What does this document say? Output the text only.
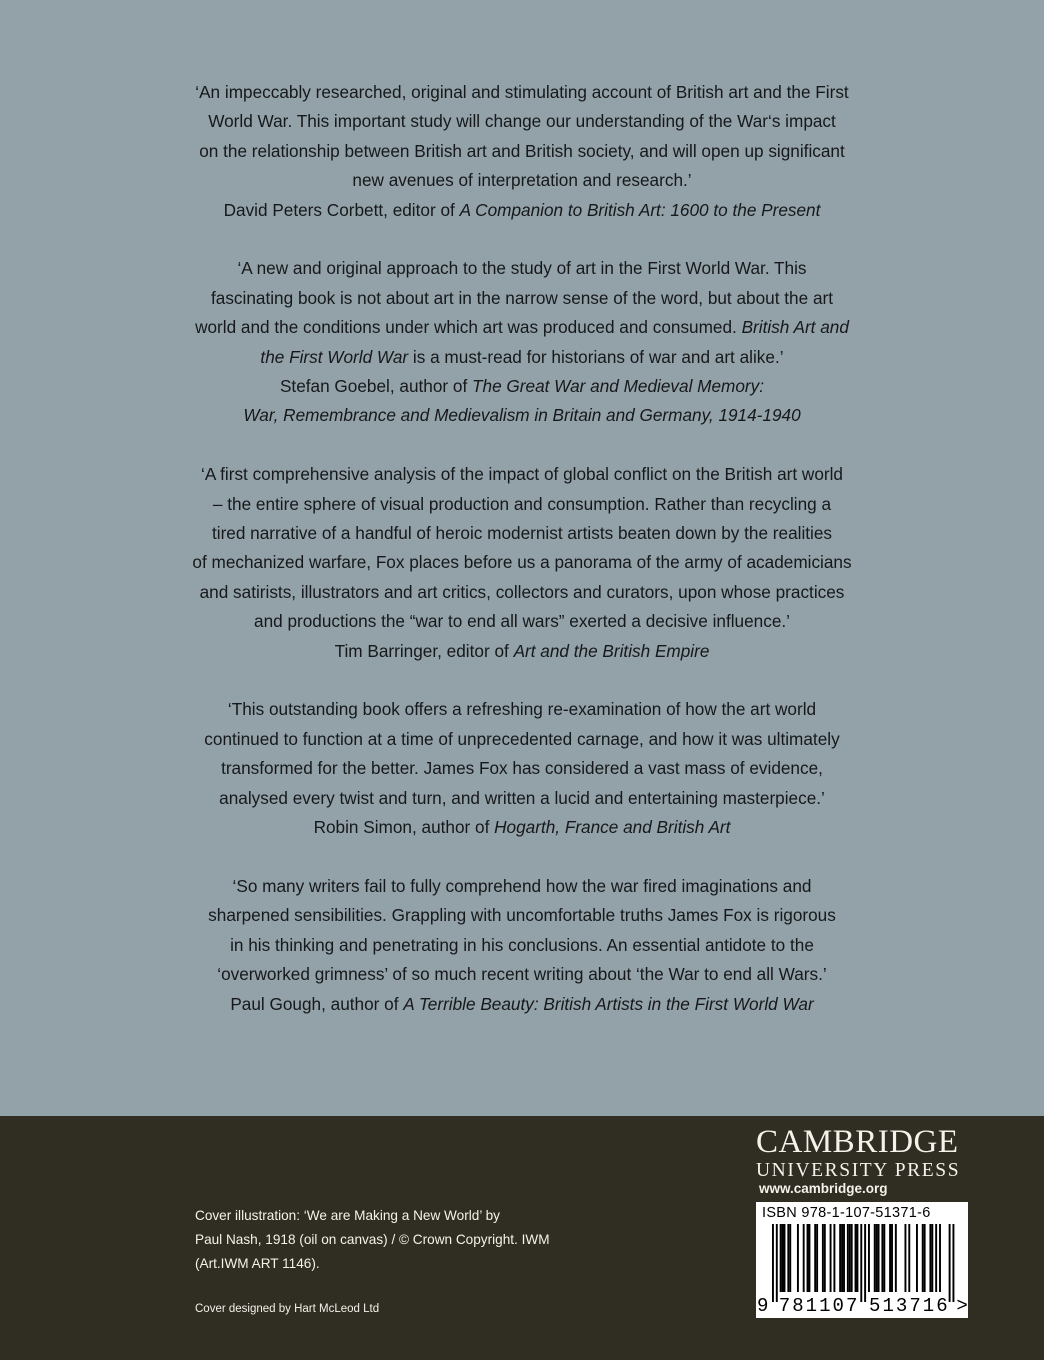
‘An impeccably researched, original and stimulating account of British art and the First
World War. This important study will change our understanding of the War‘s impact
on the relationship between British art and British society, and will open up significant
new avenues of interpretation and research.’
David Peters Corbett, editor of A Companion to British Art: 1600 to the Present
‘A new and original approach to the study of art in the First World War. This
fascinating book is not about art in the narrow sense of the word, but about the art
world and the conditions under which art was produced and consumed. British Art and
the First World War is a must-read for historians of war and art alike.’
Stefan Goebel, author of The Great War and Medieval Memory:
War, Remembrance and Medievalism in Britain and Germany, 1914-1940
‘A first comprehensive analysis of the impact of global conflict on the British art world
– the entire sphere of visual production and consumption. Rather than recycling a
tired narrative of a handful of heroic modernist artists beaten down by the realities
of mechanized warfare, Fox places before us a panorama of the army of academicians
and satirists, illustrators and art critics, collectors and curators, upon whose practices
and productions the “war to end all wars” exerted a decisive influence.’
Tim Barringer, editor of Art and the British Empire
‘This outstanding book offers a refreshing re-examination of how the art world
continued to function at a time of unprecedented carnage, and how it was ultimately
transformed for the better. James Fox has considered a vast mass of evidence,
analysed every twist and turn, and written a lucid and entertaining masterpiece.’
Robin Simon, author of Hogarth, France and British Art
‘So many writers fail to fully comprehend how the war fired imaginations and
sharpened sensibilities. Grappling with uncomfortable truths James Fox is rigorous
in his thinking and penetrating in his conclusions. An essential antidote to the
‘overworked grimness’ of so much recent writing about ‘the War to end all Wars.’
Paul Gough, author of A Terrible Beauty: British Artists in the First World War
Cover illustration: ‘We are Making a New World’ by
Paul Nash, 1918 (oil on canvas) / © Crown Copyright. IWM
(Art.IWM ART 1146).
Cover designed by Hart McLeod Ltd
CAMBRIDGE
UNIVERSITY PRESS
www.cambridge.org
ISBN 978-1-107-51371-6
9 7 8 1 1 0 7 5 1 3 7 1 6 >
